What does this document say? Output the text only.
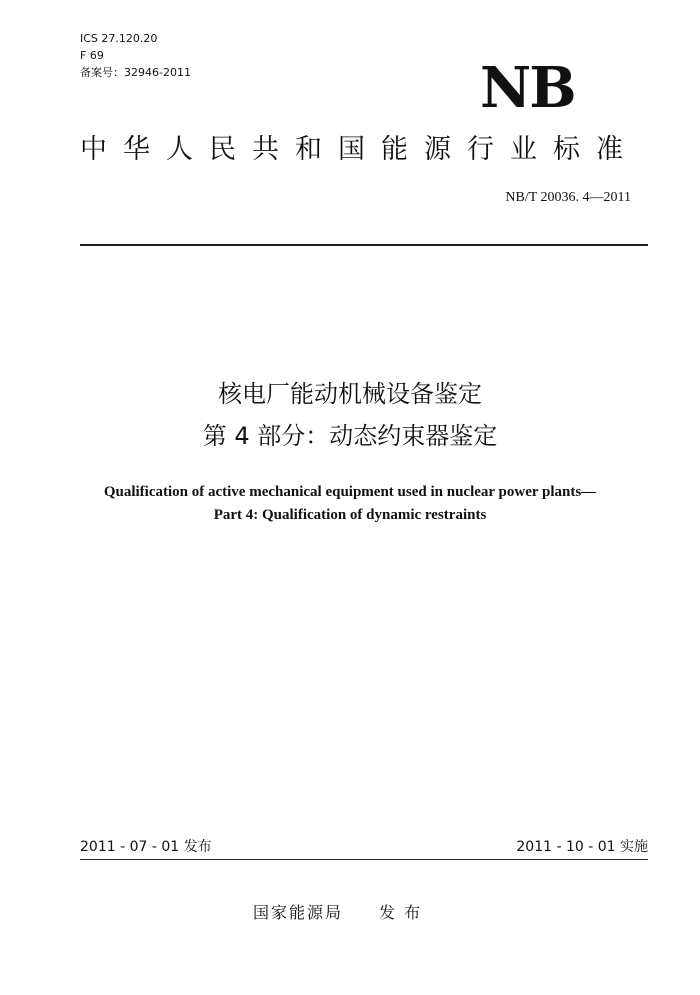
ICS 27.120.20
F 69
备案号：32946-2011	NB
中华人民共和国能源行业标准
NB/T 20036. 4—2011
核电厂能动机械设备鉴定
第 4 部分：动态约束器鉴定
Qualification of active mechanical equipment used in nuclear power plants—
Part 4: Qualification of dynamic restraints
2011 - 07 - 01 发布	2011 - 10 - 01 实施
国家能源局 发 布
